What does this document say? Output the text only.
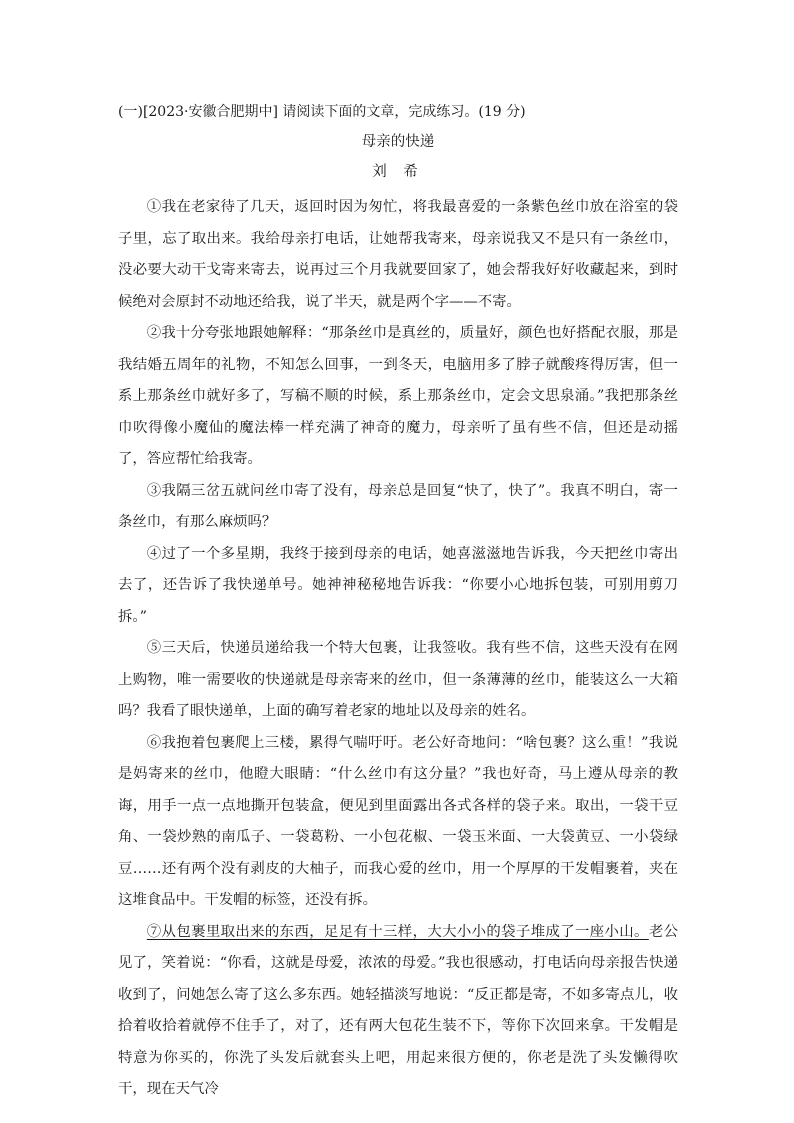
(一)[2023·安徽合肥期中] 请阅读下面的文章，完成练习。(19 分)
母亲的快递
刘 希

①我在老家待了几天，返回时因为匆忙，将我最喜爱的一条紫色丝巾放在浴室的袋子里，忘了取出来。我给母亲打电话，让她帮我寄来，母亲说我又不是只有一条丝巾，没必要大动干戈寄来寄去，说再过三个月我就要回家了，她会帮我好好收藏起来，到时候绝对会原封不动地还给我，说了半天，就是两个字——不寄。

②我十分夸张地跟她解释：“那条丝巾是真丝的，质量好，颜色也好搭配衣服，那是我结婚五周年的礼物，不知怎么回事，一到冬天，电脑用多了脖子就酸疼得厉害，但一系上那条丝巾就好多了，写稿不顺的时候，系上那条丝巾，定会文思泉涌。”我把那条丝巾吹得像小魔仙的魔法棒一样充满了神奇的魔力，母亲听了虽有些不信，但还是动摇了，答应帮忙给我寄。

③我隔三岔五就问丝巾寄了没有，母亲总是回复“快了，快了”。我真不明白，寄一条丝巾，有那么麻烦吗？

④过了一个多星期，我终于接到母亲的电话，她喜滋滋地告诉我，今天把丝巾寄出去了，还告诉了我快递单号。她神神秘秘地告诉我：“你要小心地拆包装，可别用剪刀拆。”

⑤三天后，快递员递给我一个特大包裹，让我签收。我有些不信，这些天没有在网上购物，唯一需要收的快递就是母亲寄来的丝巾，但一条薄薄的丝巾，能装这么一大箱吗？我看了眼快递单，上面的确写着老家的地址以及母亲的姓名。

⑥我抱着包裹爬上三楼，累得气喘吁吁。老公好奇地问：“啥包裹？这么重！”我说是妈寄来的丝巾，他瞪大眼睛：“什么丝巾有这分量？”我也好奇，马上遵从母亲的教诲，用手一点一点地撕开包装盒，便见到里面露出各式各样的袋子来。取出，一袋干豆角、一袋炒熟的南瓜子、一袋葛粉、一小包花椒、一袋玉米面、一大袋黄豆、一小袋绿豆……还有两个没有剥皮的大柚子，而我心爱的丝巾，用一个厚厚的干发帽裹着，夹在这堆食品中。干发帽的标签，还没有拆。

⑦从包裹里取出来的东西，足足有十三样，大大小小的袋子堆成了一座小山。老公见了，笑着说：“你看，这就是母爱，浓浓的母爱。”我也很感动，打电话向母亲报告快递收到了，问她怎么寄了这么多东西。她轻描淡写地说：“反正都是寄，不如多寄点儿，收拾着收拾着就停不住手了，对了，还有两大包花生装不下，等你下次回来拿。干发帽是特意为你买的，你洗了头发后就套头上吧，用起来很方便的，你老是洗了头发懒得吹干，现在天气冷
